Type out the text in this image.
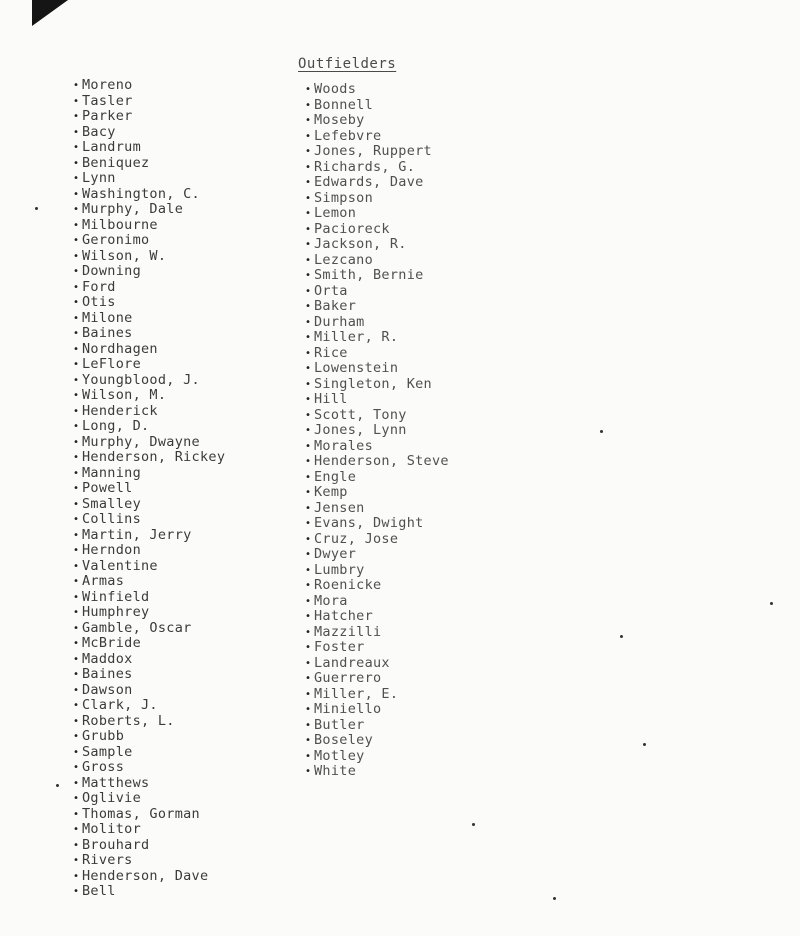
Outfielders
• Moreno
• Tasler
• Parker
• Bacy
• Landrum
• Beniquez
• Lynn
• Washington, C.
• Murphy, Dale
• Milbourne
• Geronimo
• Wilson, W.
• Downing
• Ford
• Otis
• Milone
• Baines
• Nordhagen
• LeFlore
• Youngblood, J.
• Wilson, M.
• Henderick
• Long, D.
• Murphy, Dwayne
• Henderson, Rickey
• Manning
• Powell
• Smalley
• Collins
• Martin, Jerry
• Herndon
• Valentine
• Armas
• Winfield
• Humphrey
• Gamble, Oscar
• McBride
• Maddox
• Baines
• Dawson
• Clark, J.
• Roberts, L.
• Grubb
• Sample
• Gross
• Matthews
• Oglivie
• Thomas, Gorman
• Molitor
• Brouhard
• Rivers
• Henderson, Dave
• Bell
• Woods
• Bonnell
• Moseby
• Lefebvre
• Jones, Ruppert
• Richards, G.
• Edwards, Dave
• Simpson
• Lemon
• Pacioreck
• Jackson, R.
• Lezcano
• Smith, Bernie
• Orta
• Baker
• Durham
• Miller, R.
• Rice
• Lowenstein
• Singleton, Ken
• Hill
• Scott, Tony
• Jones, Lynn
• Morales
• Henderson, Steve
• Engle
• Kemp
• Jensen
• Evans, Dwight
• Cruz, Jose
• Dwyer
• Lumbry
• Roenicke
• Mora
• Hatcher
• Mazzilli
• Foster
• Landreaux
• Guerrero
• Miller, E.
• Miniello
• Butler
• Boseley
• Motley
• White
